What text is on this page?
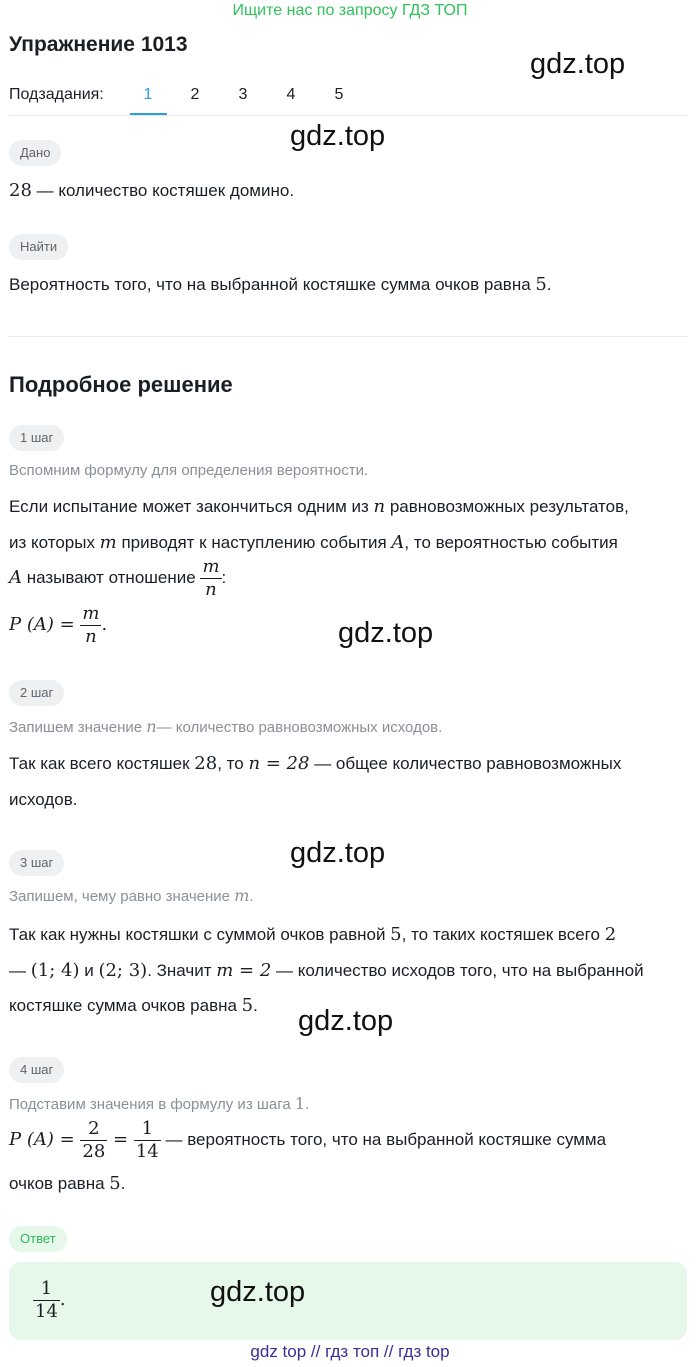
Ищите нас по запросу ГДЗ ТОП
Упражнение 1013
gdz.top
Подзадания:	1	2	3	4	5
gdz.top
Дано
28 — количество костяшек домино.
Найти
Вероятность того, что на выбранной костяшке сумма очков равна 5.
Подробное решение
1 шаг
Вспомним формулу для определения вероятности.
Если испытание может закончиться одним из n равновозможных результатов,
из которых m приводят к наступлению события A, то вероятностью события
A называют отношение $\frac{m}{n}$ :
P $(A) = \frac{m}{n}$ .	gdz.top
2 шаг
Запишем значение n— количество равновозможных исходов.
Так как всего костяшек 28, то n = 28 — общее количество равновозможных
исходов.
gdz.top
3 шаг
Запишем, чему равно значение m.
Так как нужны костяшки с суммой очков равной 5, то таких костяшек всего 2
— (1; 4) и (2; 3). Значит m = 2 — количество исходов того, что на выбранной
костяшке сумма очков равна 5. gdz.top
4 шаг
Подставим значения в формулу из шага 1.
P $(A) = \frac{2}{28} = \frac{1}{14}$ — вероятность того, что на выбранной костяшке сумма
очков равна 5.
Ответ
$\frac{1}{14}$ .	gdz.top
gdz top // гдз топ // гдз top
